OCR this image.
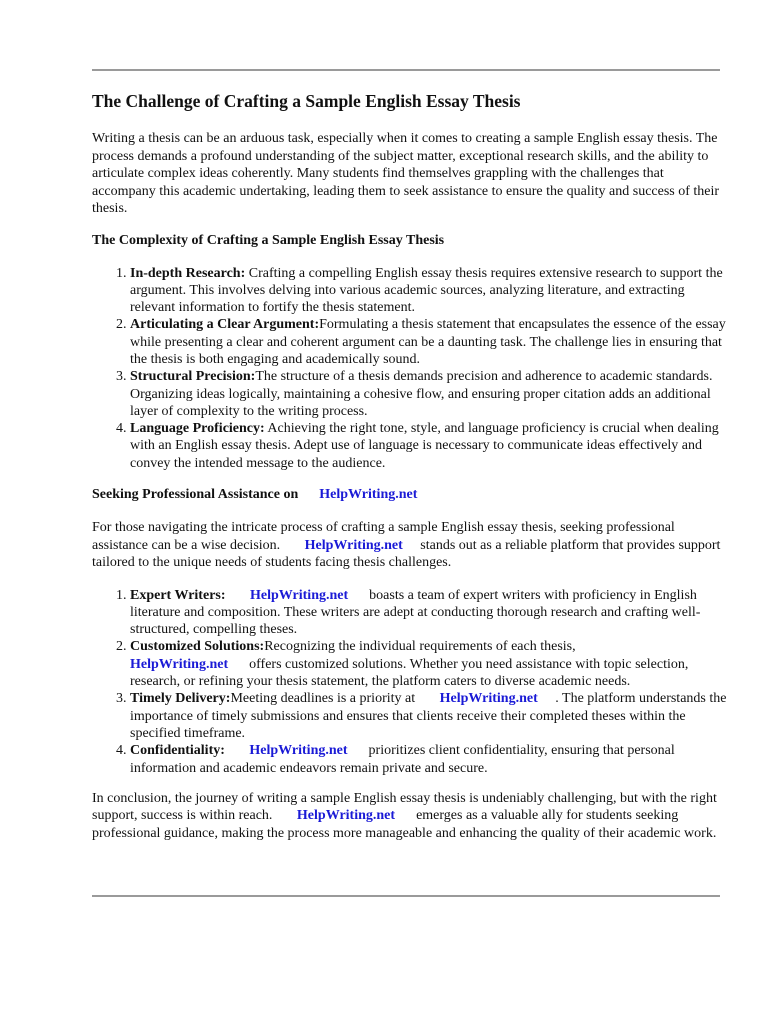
The Challenge of Crafting a Sample English Essay Thesis

Writing a thesis can be an arduous task, especially when it comes to creating a sample English essay thesis. The process demands a profound understanding of the subject matter, exceptional research skills, and the ability to articulate complex ideas coherently. Many students find themselves grappling with the challenges that accompany this academic undertaking, leading them to seek assistance to ensure the quality and success of their thesis.

The Complexity of Crafting a Sample English Essay Thesis
1. In-depth Research: Crafting a compelling English essay thesis requires extensive research to support the argument. This involves delving into various academic sources, analyzing literature, and extracting relevant information to fortify the thesis statement.
2. Articulating a Clear Argument:Formulating a thesis statement that encapsulates the essence of the essay while presenting a clear and coherent argument can be a daunting task. The challenge lies in ensuring that the thesis is both engaging and academically sound.
3. Structural Precision:The structure of a thesis demands precision and adherence to academic standards. Organizing ideas logically, maintaining a cohesive flow, and ensuring proper citation adds an additional layer of complexity to the writing process.
4. Language Proficiency: Achieving the right tone, style, and language proficiency is crucial when dealing with an English essay thesis. Adept use of language is necessary to communicate ideas effectively and convey the intended message to the audience.
Seeking Professional Assistance on HelpWriting.net

For those navigating the intricate process of crafting a sample English essay thesis, seeking professional assistance can be a wise decision. HelpWriting.net stands out as a reliable platform that provides support tailored to the unique needs of students facing thesis challenges.

1. Expert Writers: HelpWriting.net boasts a team of expert writers with proficiency in English literature and composition. These writers are adept at conducting thorough research and crafting well-structured, compelling theses.
2. Customized Solutions:Recognizing the individual requirements of each thesis, HelpWriting.net offers customized solutions. Whether you need assistance with topic selection, research, or refining your thesis statement, the platform caters to diverse academic needs.
3. Timely Delivery:Meeting deadlines is a priority at HelpWriting.net . The platform understands the importance of timely submissions and ensures that clients receive their completed theses within the specified timeframe.
4. Confidentiality: HelpWriting.net prioritizes client confidentiality, ensuring that personal information and academic endeavors remain private and secure.

In conclusion, the journey of writing a sample English essay thesis is undeniably challenging, but with the right support, success is within reach. HelpWriting.net emerges as a valuable ally for students seeking professional guidance, making the process more manageable and enhancing the quality of their academic work.
